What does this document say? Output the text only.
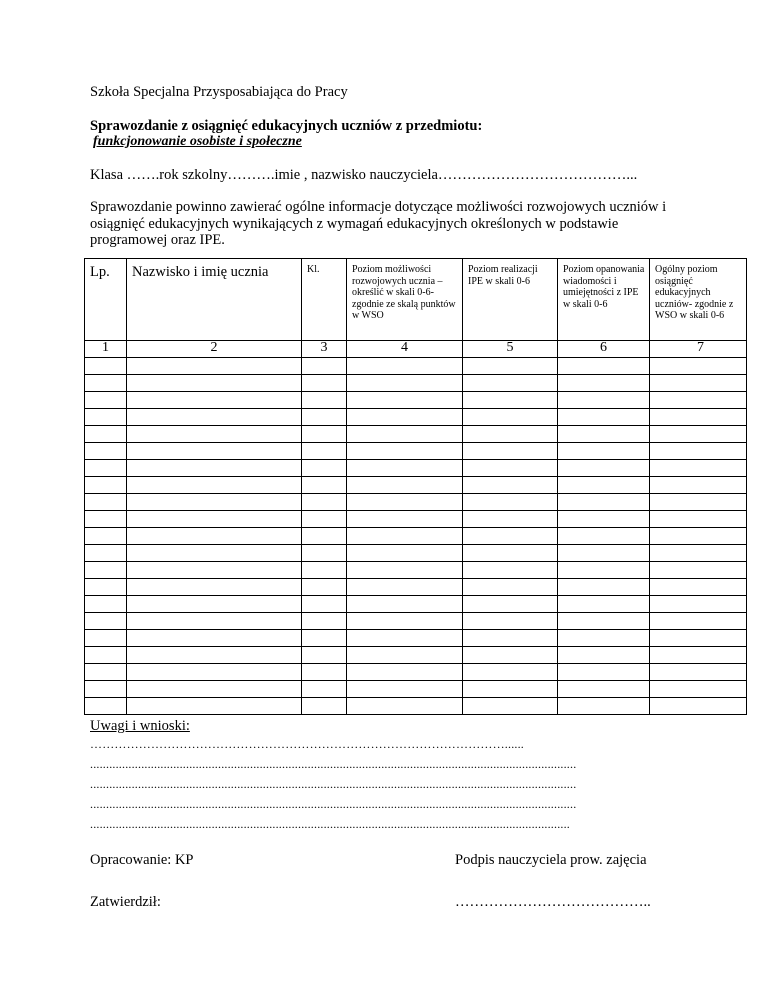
Szkoła Specjalna Przysposabiająca do Pracy
Sprawozdanie z osiągnięć edukacyjnych uczniów z przedmiotu:
funkcjonowanie osobiste i społeczne
Klasa …….rok szkolny……….imie , nazwisko nauczyciela…………………………………...
Sprawozdanie powinno zawierać ogólne informacje dotyczące możliwości rozwojowych uczniów i osiągnięć edukacyjnych wynikających z wymagań edukacyjnych określonych w podstawie programowej oraz IPE.
Lp.	Nazwisko i imię ucznia	Kl.	Poziom możliwości rozwojowych ucznia – określić w skali 0-6- zgodnie ze skalą punktów w WSO	Poziom realizacji IPE w skali 0-6	Poziom opanowania wiadomości i umiejętności z IPE w skali 0-6	Ogólny poziom osiągnięć edukacyjnych uczniów- zgodnie z WSO w skali 0-6
1	2	3	4	5	6	7

Uwagi i wnioski:
…………………………………………………………………………………………......
........................................................................................................................................................
........................................................................................................................................................
........................................................................................................................................................
......................................................................................................................................................
Opracowanie: KP	Podpis nauczyciela prow. zajęcia
Zatwierdził:	…………………………………..
